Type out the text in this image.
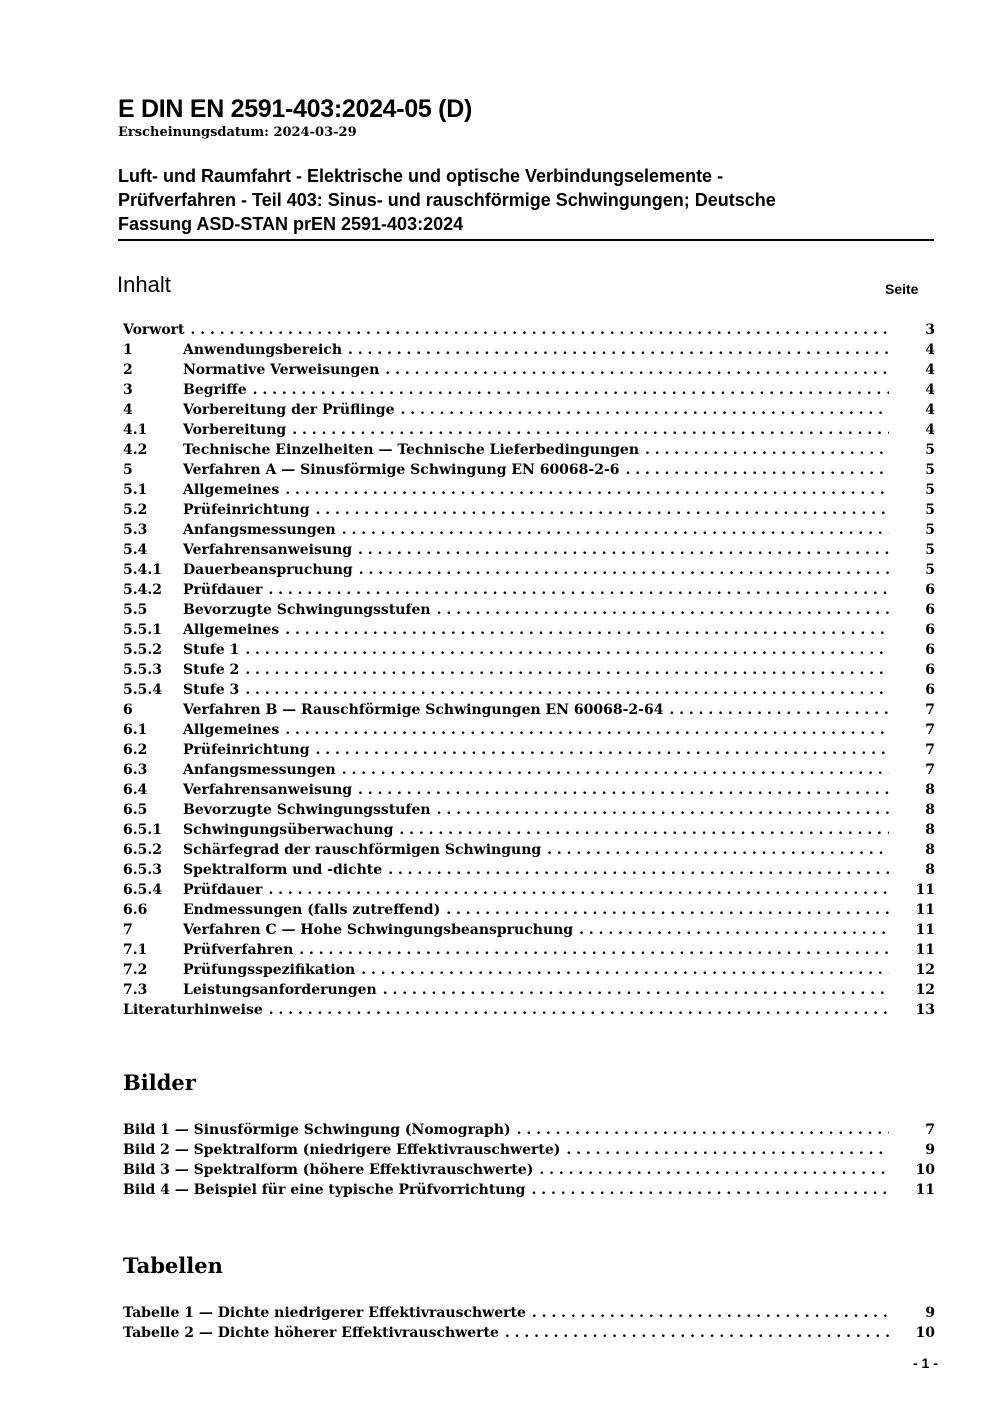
E DIN EN 2591-403:2024-05 (D)
Erscheinungsdatum: 2024-03-29
Luft- und Raumfahrt - Elektrische und optische Verbindungselemente -
Prüfverfahren - Teil 403: Sinus- und rauschförmige Schwingungen; Deutsche
Fassung ASD-STAN prEN 2591-403:2024
Inhalt	Seite
Vorwort . . .	3
1	Anwendungsbereich . . .	4
2	Normative Verweisungen . . .	4
3	Begriffe . . .	4
4	Vorbereitung der Prüflinge . . .	4
4.1	Vorbereitung . . .	4
4.2	Technische Einzelheiten — Technische Lieferbedingungen . . .	5
5	Verfahren A — Sinusförmige Schwingung EN 60068-2-6 . . .	5
5.1	Allgemeines . . .	5
5.2	Prüfeinrichtung . . .	5
5.3	Anfangsmessungen . . .	5
5.4	Verfahrensanweisung . . .	5
5.4.1	Dauerbeanspruchung . . .	5
5.4.2	Prüfdauer . . .	6
5.5	Bevorzugte Schwingungsstufen . . .	6
5.5.1	Allgemeines . . .	6
5.5.2	Stufe 1 . . .	6
5.5.3	Stufe 2 . . .	6
5.5.4	Stufe 3 . . .	6
6	Verfahren B — Rauschförmige Schwingungen EN 60068-2-64 . . .	7
6.1	Allgemeines . . .	7
6.2	Prüfeinrichtung . . .	7
6.3	Anfangsmessungen . . .	7
6.4	Verfahrensanweisung . . .	8
6.5	Bevorzugte Schwingungsstufen . . .	8
6.5.1	Schwingungsüberwachung . . .	8
6.5.2	Schärfegrad der rauschförmigen Schwingung . . .	8
6.5.3	Spektralform und -dichte . . .	8
6.5.4	Prüfdauer . . .	11
6.6	Endmessungen (falls zutreffend) . . .	11
7	Verfahren C — Hohe Schwingungsbeanspruchung . . .	11
7.1	Prüfverfahren . . .	11
7.2	Prüfungsspezifikation . . .	12
7.3	Leistungsanforderungen . . .	12
Literaturhinweise . . .	13
Bilder
Bild 1 — Sinusförmige Schwingung (Nomograph) . . .	7
Bild 2 — Spektralform (niedrigere Effektivrauschwerte) . . .	9
Bild 3 — Spektralform (höhere Effektivrauschwerte) . . .	10
Bild 4 — Beispiel für eine typische Prüfvorrichtung . . .	11
Tabellen
Tabelle 1 — Dichte niedrigerer Effektivrauschwerte . . .	9
Tabelle 2 — Dichte höherer Effektivrauschwerte . . .	10
- 1 -
